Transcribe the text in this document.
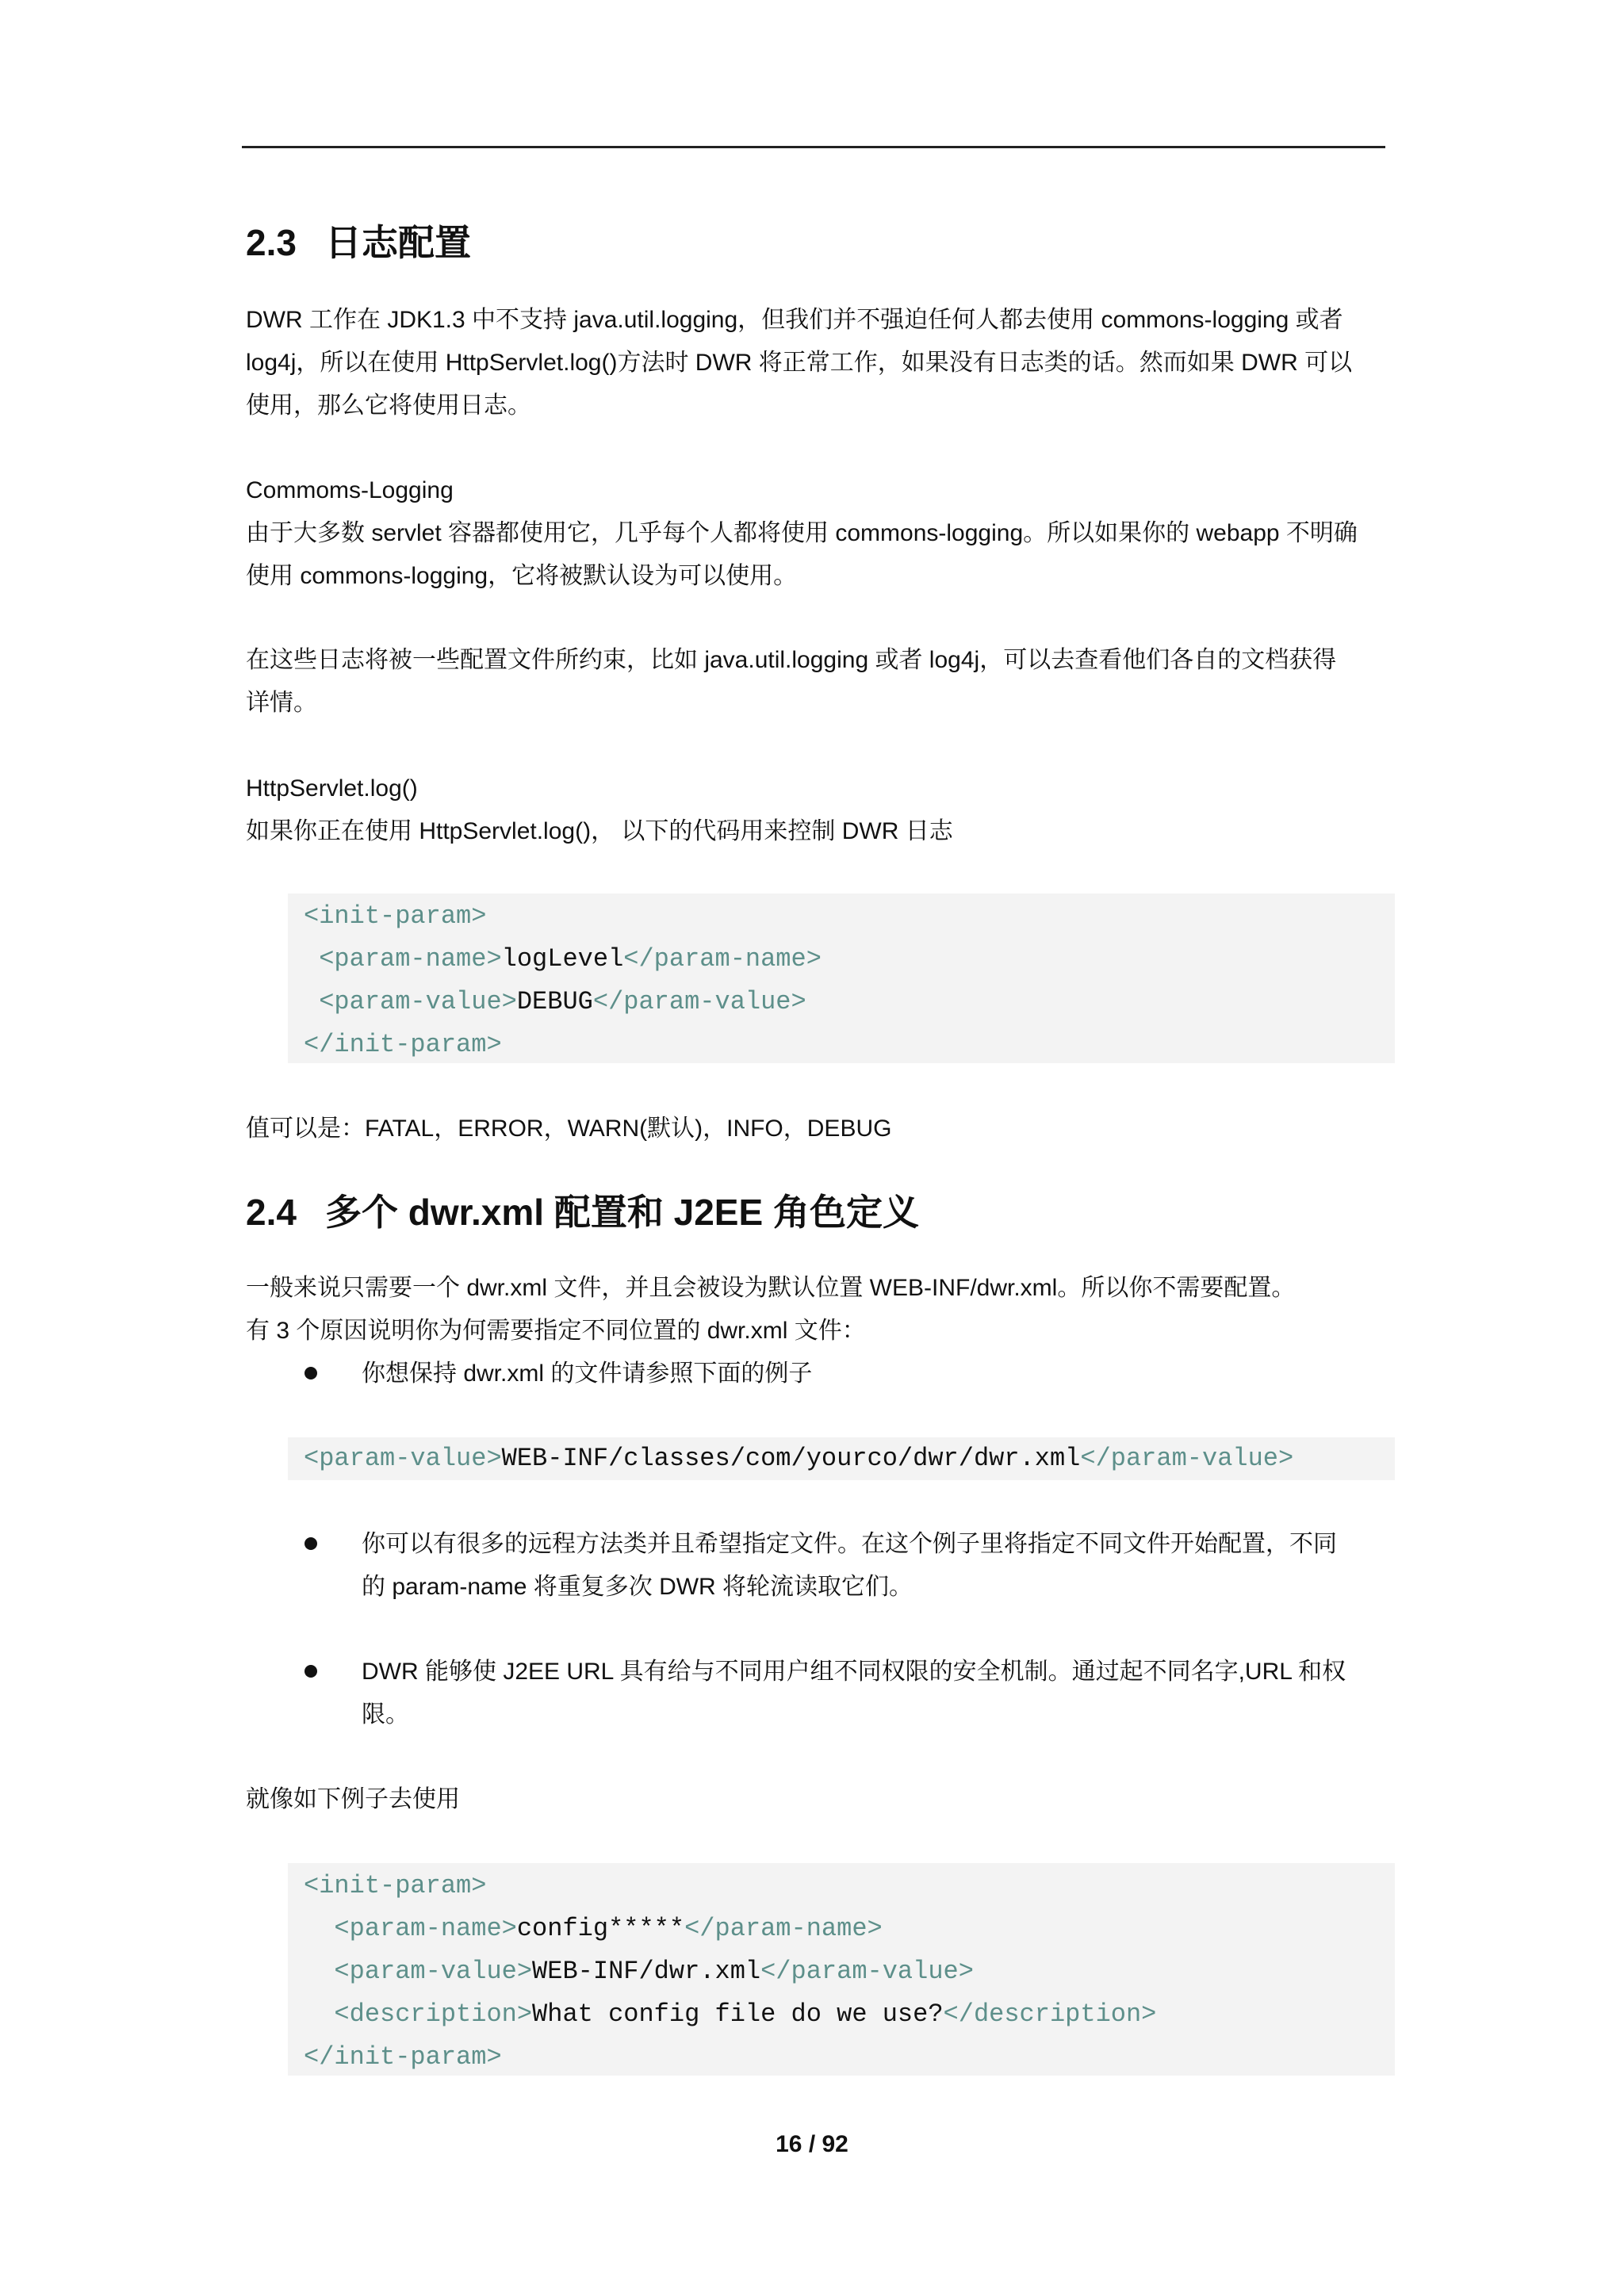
2.3 日志配置
DWR 工作在 JDK1.3 中不支持 java.util.logging，但我们并不强迫任何人都去使用 commons-logging 或者
log4j，所以在使用 HttpServlet.log()方法时 DWR 将正常工作，如果没有日志类的话。然而如果 DWR 可以
使用，那么它将使用日志。
Commoms-Logging
由于大多数 servlet 容器都使用它，几乎每个人都将使用 commons-logging。所以如果你的 webapp 不明确
使用 commons-logging，它将被默认设为可以使用。
在这些日志将被一些配置文件所约束，比如 java.util.logging 或者 log4j，可以去查看他们各自的文档获得
详情。
HttpServlet.log()
如果你正在使用 HttpServlet.log()， 以下的代码用来控制 DWR 日志
<init-param>
<param-name>logLevel</param-name>
<param-value>DEBUG</param-value>
</init-param>
值可以是：FATAL，ERROR，WARN(默认)，INFO，DEBUG
2.4 多个 dwr.xml 配置和 J2EE 角色定义
一般来说只需要一个 dwr.xml 文件，并且会被设为默认位置 WEB-INF/dwr.xml。所以你不需要配置。
有 3 个原因说明你为何需要指定不同位置的 dwr.xml 文件：
你想保持 dwr.xml 的文件请参照下面的例子
<param-value>WEB-INF/classes/com/yourco/dwr/dwr.xml</param-value>
你可以有很多的远程方法类并且希望指定文件。在这个例子里将指定不同文件开始配置，不同
的 param-name 将重复多次 DWR 将轮流读取它们。
DWR 能够使 J2EE URL 具有给与不同用户组不同权限的安全机制。通过起不同名字,URL 和权
限。
就像如下例子去使用
<init-param>
<param-name>config*****</param-name>
<param-value>WEB-INF/dwr.xml</param-value>
<description>What config file do we use?</description>
</init-param>
16 / 92
